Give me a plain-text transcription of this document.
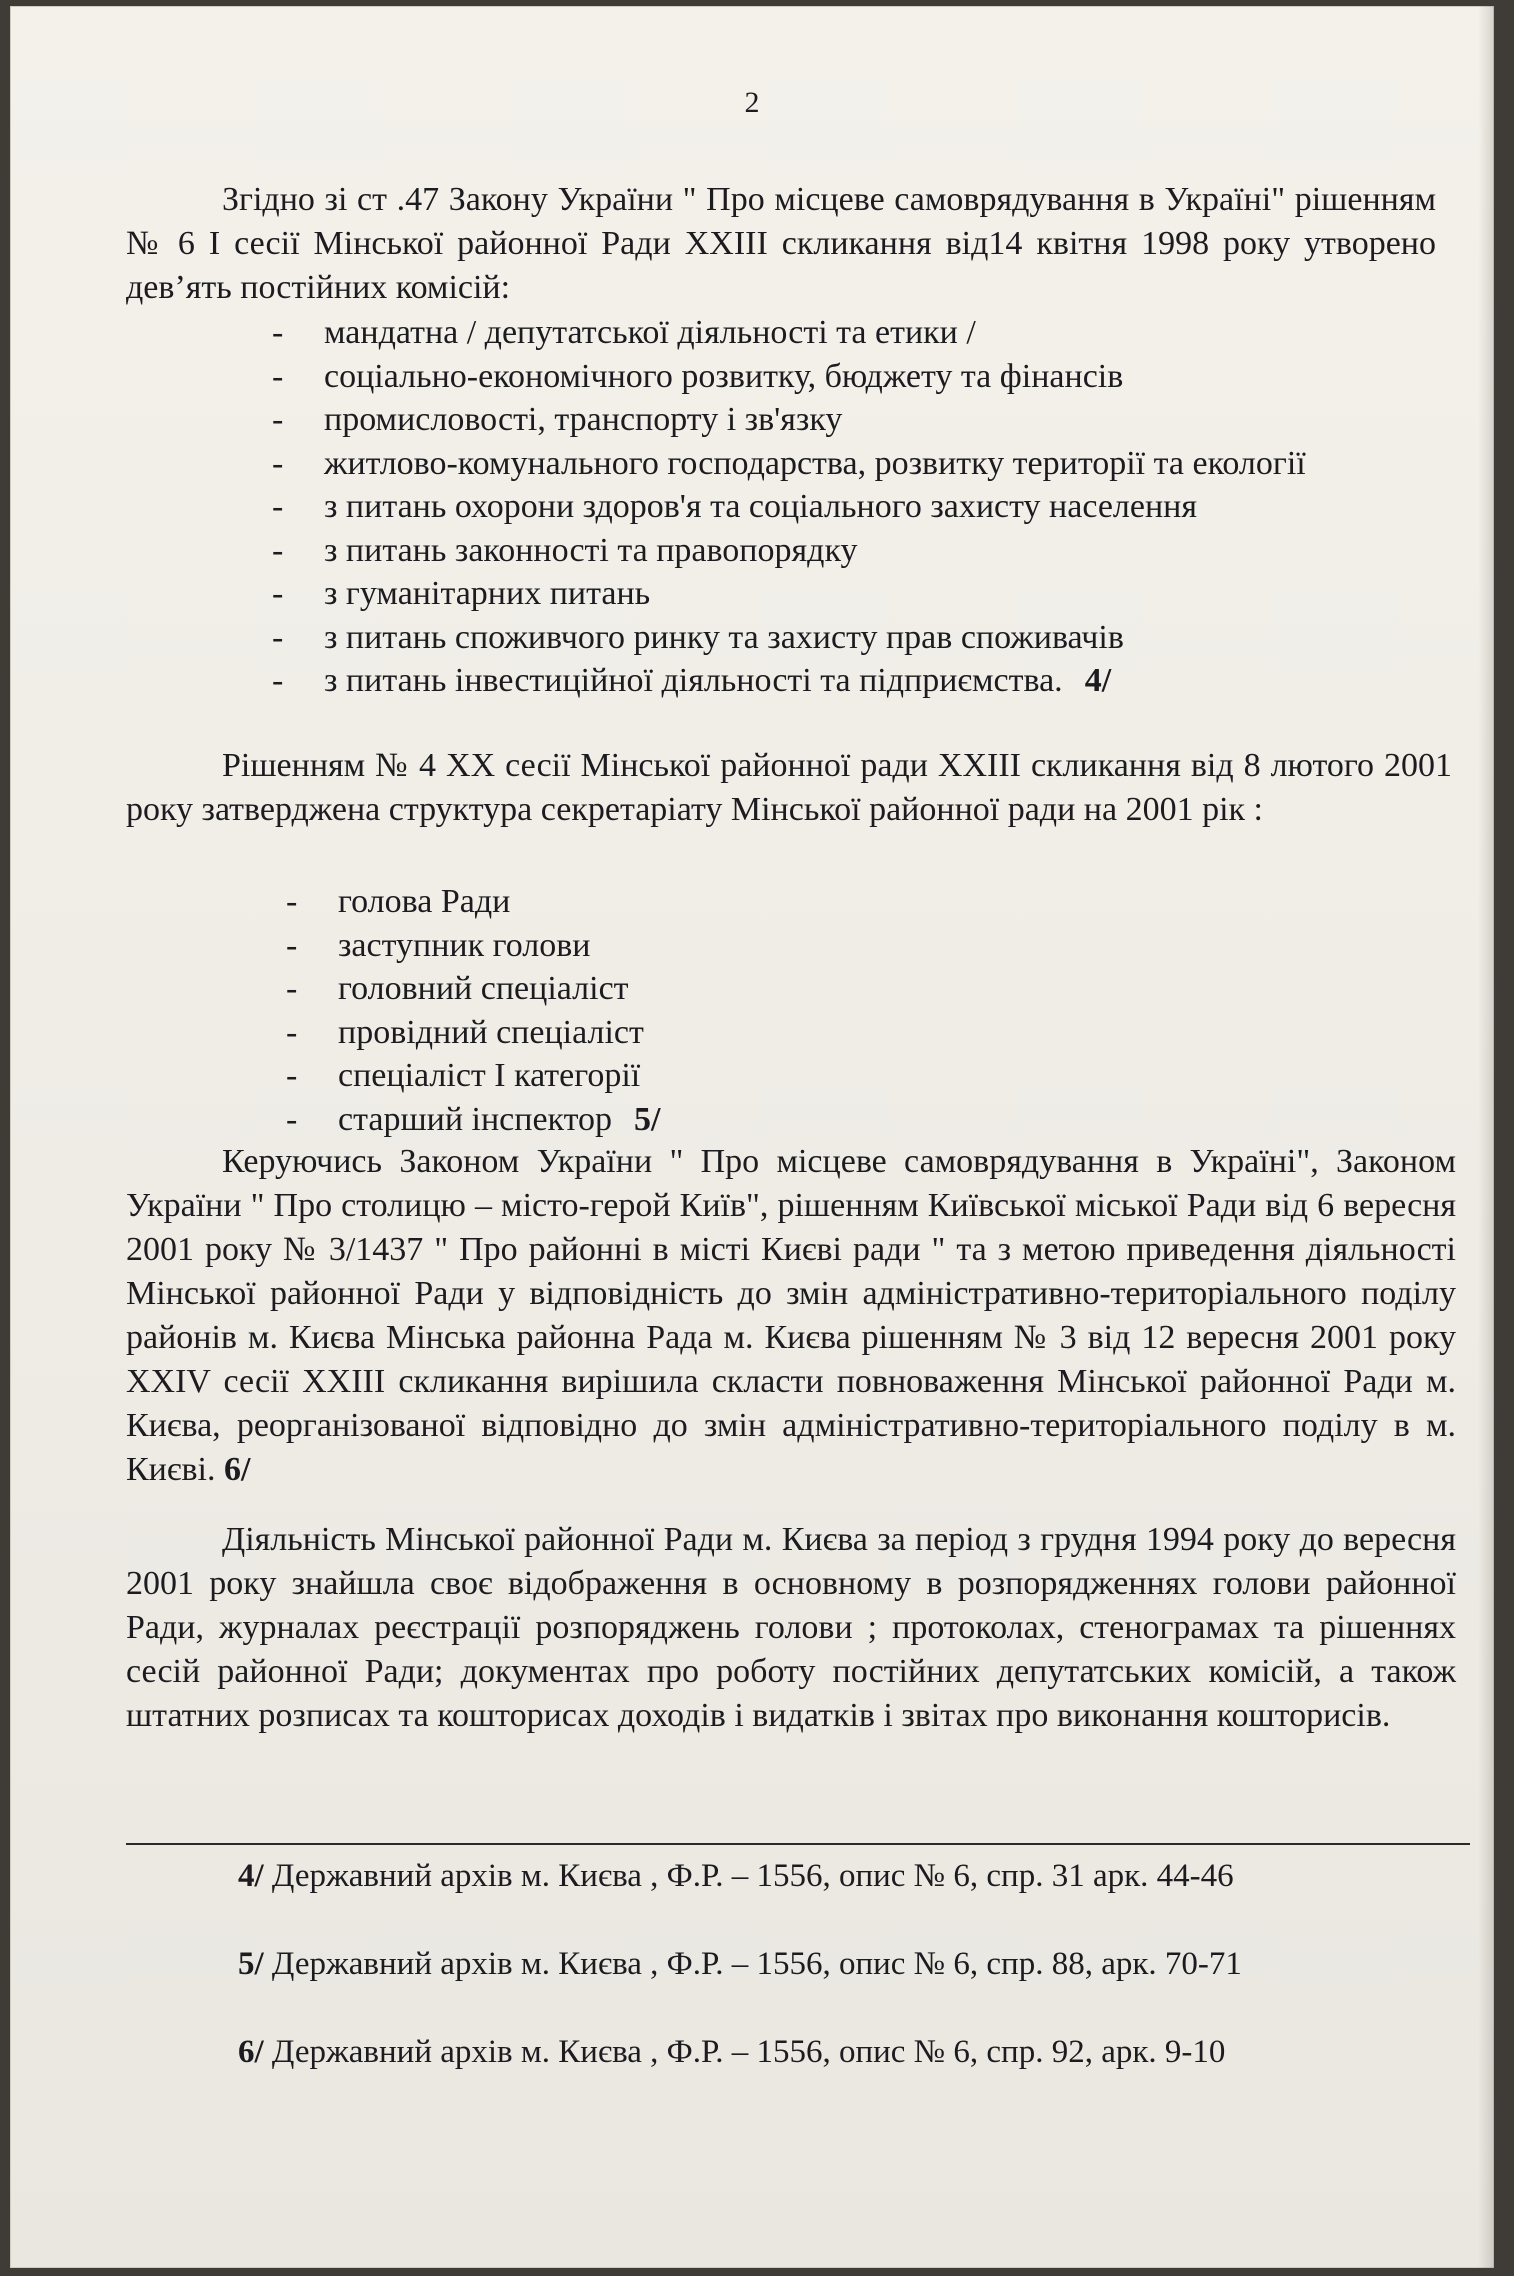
2

Згідно зі ст .47 Закону України " Про місцеве самоврядування в Україні" рішенням № 6 І сесії Мінської районної Ради ХХІІІ скликання від14 квітня 1998 року утворено дев’ять постійних комісій:

- мандатна / депутатської діяльності та етики /
- соціально-економічного розвитку, бюджету та фінансів
- промисловості, транспорту і зв'язку
- житлово-комунального господарства, розвитку території та екології
- з питань охорони здоров'я та соціального захисту населення
- з питань законності та правопорядку
- з гуманітарних питань
- з питань споживчого ринку та захисту прав споживачів
- з питань інвестиційної діяльності та підприємства. 4/

Рішенням № 4 ХХ сесії Мінської районної ради ХХІІІ скликання від 8 лютого 2001 року затверджена структура секретаріату Мінської районної ради на 2001 рік :

- голова Ради
- заступник голови
- головний спеціаліст
- провідний спеціаліст
- спеціаліст І категорії
- старший інспектор 5/

Керуючись Законом України " Про місцеве самоврядування в Україні", Законом України " Про столицю – місто-герой Київ", рішенням Київської міської Ради від 6 вересня 2001 року № 3/1437 " Про районні в місті Києві ради " та з метою приведення діяльності Мінської районної Ради у відповідність до змін адміністративно-територіального поділу районів м. Києва Мінська районна Рада м. Києва рішенням № 3 від 12 вересня 2001 року ХХІV сесії ХХІІІ скликання вирішила скласти повноваження Мінської районної Ради м. Києва, реорганізованої відповідно до змін адміністративно-територіального поділу в м. Києві. 6/

Діяльність Мінської районної Ради м. Києва за період з грудня 1994 року до вересня 2001 року знайшла своє відображення в основному в розпорядженнях голови районної Ради, журналах реєстрації розпоряджень голови ; протоколах, стенограмах та рішеннях сесій районної Ради; документах про роботу постійних депутатських комісій, а також штатних розписах та кошторисах доходів і видатків і звітах про виконання кошторисів.

4/ Державний архів м. Києва , Ф.Р. – 1556, опис № 6, спр. 31 арк. 44-46
5/ Державний архів м. Києва , Ф.Р. – 1556, опис № 6, спр. 88, арк. 70-71
6/ Державний архів м. Києва , Ф.Р. – 1556, опис № 6, спр. 92, арк. 9-10
